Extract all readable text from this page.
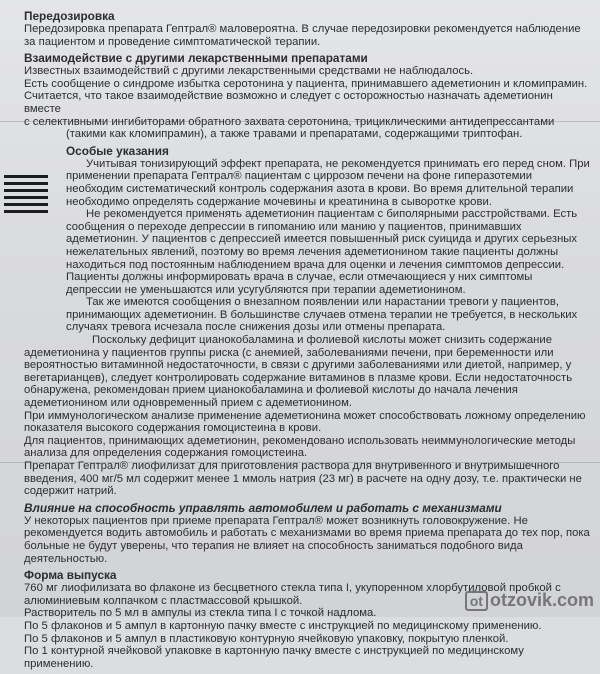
Передозировка

Передозировка препарата Гептрал® маловероятна. В случае передозировки рекомендуется наблюдение

за пациентом и проведение симптоматической терапии.

Взаимодействие с другими лекарственными препаратами

Известных взаимодействий с другими лекарственными средствами не наблюдалось.

Есть сообщение о синдроме избытка серотонина у пациента, принимавшего адеметионин и кломипрамин.

Считается, что такое взаимодействие возможно и следует с осторожностью назначать адеметионин вместе

с селективными ингибиторами обратного захвата серотонина, трициклическими антидепрессантами

(такими как кломипрамин), а также травами и препаратами, содержащими триптофан.

Особые указания

Учитывая тонизирующий эффект препарата, не рекомендуется принимать его перед сном. При применении препарата Гептрал® пациентам с циррозом печени на фоне гиперазотемии необходим систематический контроль содержания азота в крови. Во время длительной терапии необходимо определять содержание мочевины и креатинина в сыворотке крови.

Не рекомендуется применять адеметионин пациентам с биполярными расстройствами. Есть сообщения о переходе депрессии в гипоманию или манию у пациентов, принимавших адеметионин. У пациентов с депрессией имеется повышенный риск суицида и других серьезных нежелательных явлений, поэтому во время лечения адеметионином такие пациенты должны находиться под постоянным наблюдением врача для оценки и лечения симптомов депрессии. Пациенты должны информировать врача в случае, если отмечающиеся у них симптомы депрессии не уменьшаются или усугубляются при терапии адеметионином.

Так же имеются сообщения о внезапном появлении или нарастании тревоги у пациентов, принимающих адеметионин. В большинстве случаев отмена терапии не требуется, в нескольких случаях тревога исчезала после снижения дозы или отмены препарата.

Поскольку дефицит цианокобаламина и фолиевой кислоты может снизить содержание адеметионина у пациентов группы риска (с анемией, заболеваниями печени, при беременности или вероятностью витаминной недостаточности, в связи с другими заболеваниями или диетой, например, у вегетарианцев), следует контролировать содержание витаминов в плазме крови. Если недостаточность обнаружена, рекомендован прием цианокобаламина и фолиевой кислоты до начала лечения адеметионином или одновременный прием с адеметионином.

При иммунологическом анализе применение адеметионина может способствовать ложному определению показателя высокого содержания гомоцистеина в крови.

Для пациентов, принимающих адеметионин, рекомендовано использовать неиммунологические методы анализа для определения содержания гомоцистеина.

Препарат Гептрал® лиофилизат для приготовления раствора для внутривенного и внутримышечного введения, 400 мг/5 мл содержит менее 1 ммоль натрия (23 мг) в расчете на одну дозу, т.е. практически не содержит натрий.

Влияние на способность управлять автомобилем и работать с механизмами

У некоторых пациентов при приеме препарата Гептрал® может возникнуть головокружение. Не рекомендуется водить автомобиль и работать с механизмами во время приема препарата до тех пор, пока больные не будут уверены, что терапия не влияет на способность заниматься подобного вида деятельностью.

Форма выпуска

760 мг лиофилизата во флаконе из бесцветного стекла типа I, укупоренном хлорбутиловой пробкой с

алюминиевым колпачком с пластмассовой крышкой.

Растворитель по 5 мл в ампулы из стекла типа I с точкой надлома.

По 5 флаконов и 5 ампул в картонную пачку вместе с инструкцией по медицинскому применению.

По 5 флаконов и 5 ампул в пластиковую контурную ячейковую упаковку, покрытую пленкой.

По 1 контурной ячейковой упаковке в картонную пачку вместе с инструкцией по медицинскому применению.

ot otzovik.com
